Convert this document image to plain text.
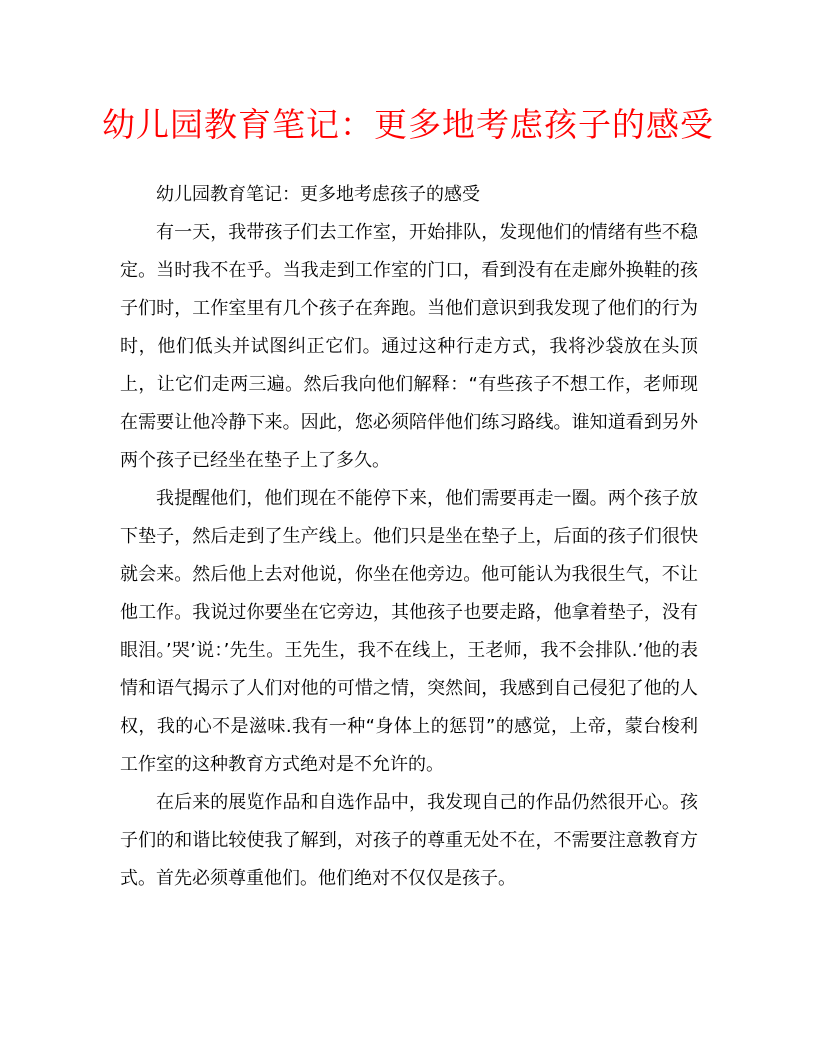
幼儿园教育笔记：更多地考虑孩子的感受

幼儿园教育笔记：更多地考虑孩子的感受

有一天，我带孩子们去工作室，开始排队，发现他们的情绪有些不稳定。当时我不在乎。当我走到工作室的门口，看到没有在走廊外换鞋的孩子们时，工作室里有几个孩子在奔跑。当他们意识到我发现了他们的行为时，他们低头并试图纠正它们。通过这种行走方式，我将沙袋放在头顶上，让它们走两三遍。然后我向他们解释：“有些孩子不想工作，老师现在需要让他冷静下来。因此，您必须陪伴他们练习路线。谁知道看到另外两个孩子已经坐在垫子上了多久。

我提醒他们，他们现在不能停下来，他们需要再走一圈。两个孩子放下垫子，然后走到了生产线上。他们只是坐在垫子上，后面的孩子们很快就会来。然后他上去对他说，你坐在他旁边。他可能认为我很生气，不让他工作。我说过你要坐在它旁边，其他孩子也要走路，他拿着垫子，没有眼泪。’哭’说：’先生。王先生，我不在线上，王老师，我不会排队.’他的表情和语气揭示了人们对他的可惜之情，突然间，我感到自己侵犯了他的人权，我的心不是滋味.我有一种“身体上的惩罚”的感觉，上帝，蒙台梭利工作室的这种教育方式绝对是不允许的。

在后来的展览作品和自选作品中，我发现自己的作品仍然很开心。孩子们的和谐比较使我了解到，对孩子的尊重无处不在，不需要注意教育方式。首先必须尊重他们。他们绝对不仅仅是孩子。
